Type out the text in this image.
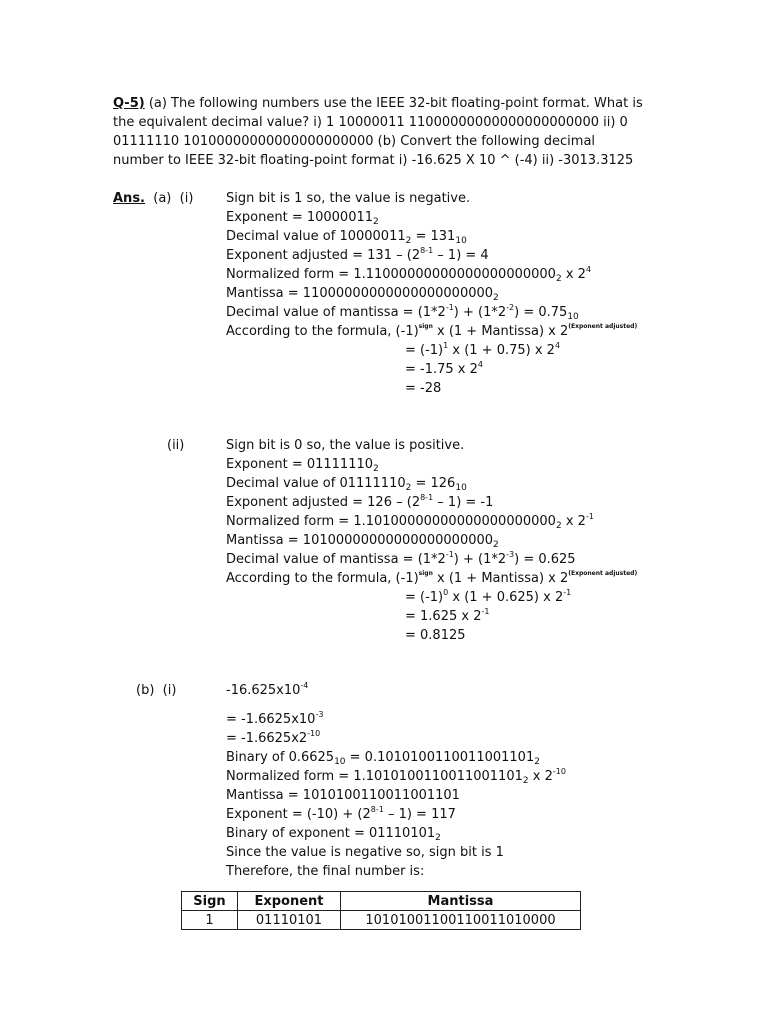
Q-5) (a) The following numbers use the IEEE 32-bit floating-point format. What is the equivalent decimal value? i) 1 10000011 11000000000000000000000 ii) 0 01111110 10100000000000000000000 (b) Convert the following decimal number to IEEE 32-bit floating-point format i) -16.625 X 10 ^ (-4) ii) -3013.3125
Ans. (a) (i)	Sign bit is 1 so, the value is negative.
Exponent = $10000011_2$
Decimal value of $10000011_2 = 131_{10}$
Exponent adjusted = 131 – (2$^{8-1}$ – 1) = 4
Normalized form = $1.11000000000000000000000_2$ x $2^4$
Mantissa = $11000000000000000000000_2$
Decimal value of mantissa = $(1*2^{-1}) + (1*2^{-2}) = 0.75_{10}$
According to the formula, $(-1)^{sign}$ x (1 + Mantissa) x $2^{(Exponent adjusted)}$
= $(-1)^1$ x (1 + 0.75) x $2^4$
= -1.75 x $2^4$
= -28
(ii)	Sign bit is 0 so, the value is positive.
Exponent = $01111110_2$
Decimal value of $01111110_2 = 126_{10}$
Exponent adjusted = 126 – (2$^{8-1}$ – 1) = -1
Normalized form = $1.10100000000000000000000_2$ x $2^{-1}$
Mantissa = $10100000000000000000000_2$
Decimal value of mantissa = $(1*2^{-1}) + (1*2^{-3}) = 0.625$
According to the formula, $(-1)^{sign}$ x (1 + Mantissa) x $2^{(Exponent adjusted)}$
= $(-1)^0$ x (1 + 0.625) x $2^{-1}$
= 1.625 x $2^{-1}$
= 0.8125
(b) (i)	$-16.625x10^{-4}$
= $-1.6625x10^{-3}$
= $-1.6625x2^{-10}$
Binary of $0.6625_{10} = 0.1010100110011001101_2$
Normalized form = $1.1010100110011001101_2$ x $2^{-10}$
Mantissa = 1010100110011001101
Exponent = $(-10) + (2^{8-1} - 1) = 117$
Binary of exponent = $01110101_2$
Since the value is negative so, sign bit is 1
Therefore, the final number is:
Sign	Exponent	Mantissa
1	01110101	10101001100110011010000
